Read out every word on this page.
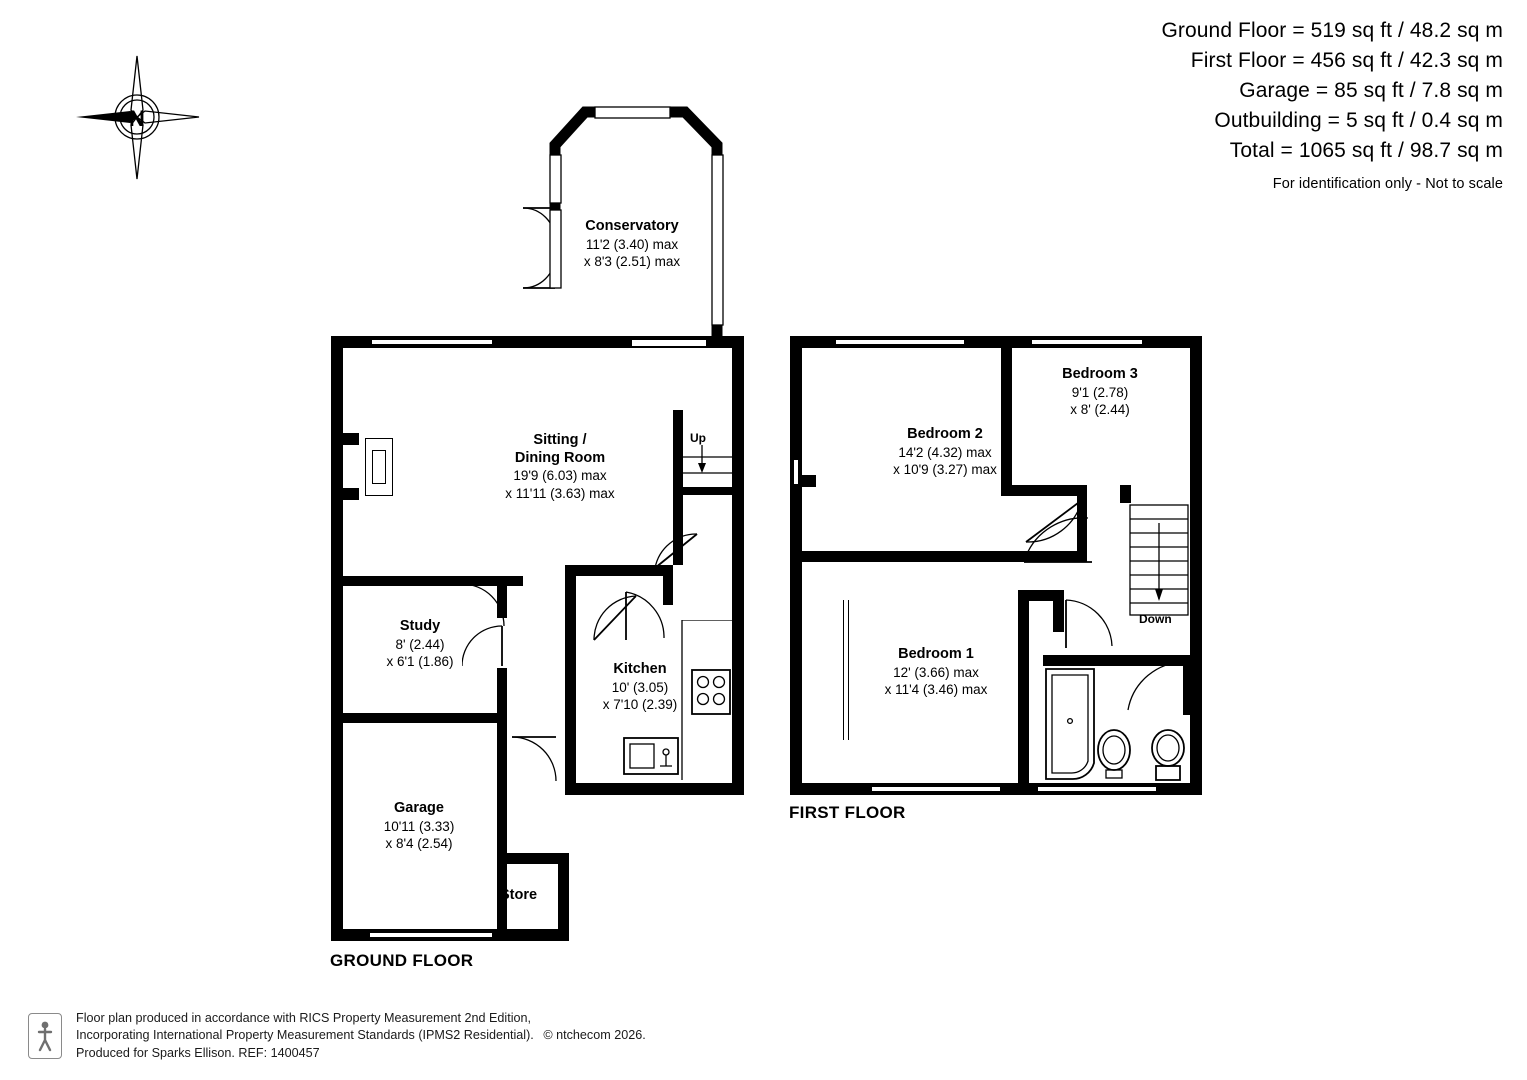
Ground Floor = 519 sq ft / 48.2 sq m
First Floor = 456 sq ft / 42.3 sq m
Garage = 85 sq ft / 7.8 sq m
Outbuilding = 5 sq ft / 0.4 sq m
Total = 1065 sq ft / 98.7 sq m
For identification only - Not to scale
N
Conservatory
11'2 (3.40) max
x 8'3 (2.51) max
Up
Sitting /
Dining Room
19'9 (6.03) max
x 11'11 (3.63) max
Study
8' (2.44)
x 6'1 (1.86)	Kitchen
10' (3.05)
x 7'10 (2.39)
Garage
10'11 (3.33)
x 8'4 (2.54)
Store
GROUND FLOOR
Down
Bedroom 2
14'2 (4.32) max
x 10'9 (3.27) max
Bedroom 3
9'1 (2.78)
x 8' (2.44)
Bedroom 1
12' (3.66) max
x 11'4 (3.46) max
FIRST FLOOR
Floor plan produced in accordance with RICS Property Measurement 2nd Edition,
Incorporating International Property Measurement Standards (IPMS2 Residential). © ntchecom 2026.
Produced for Sparks Ellison. REF: 1400457
